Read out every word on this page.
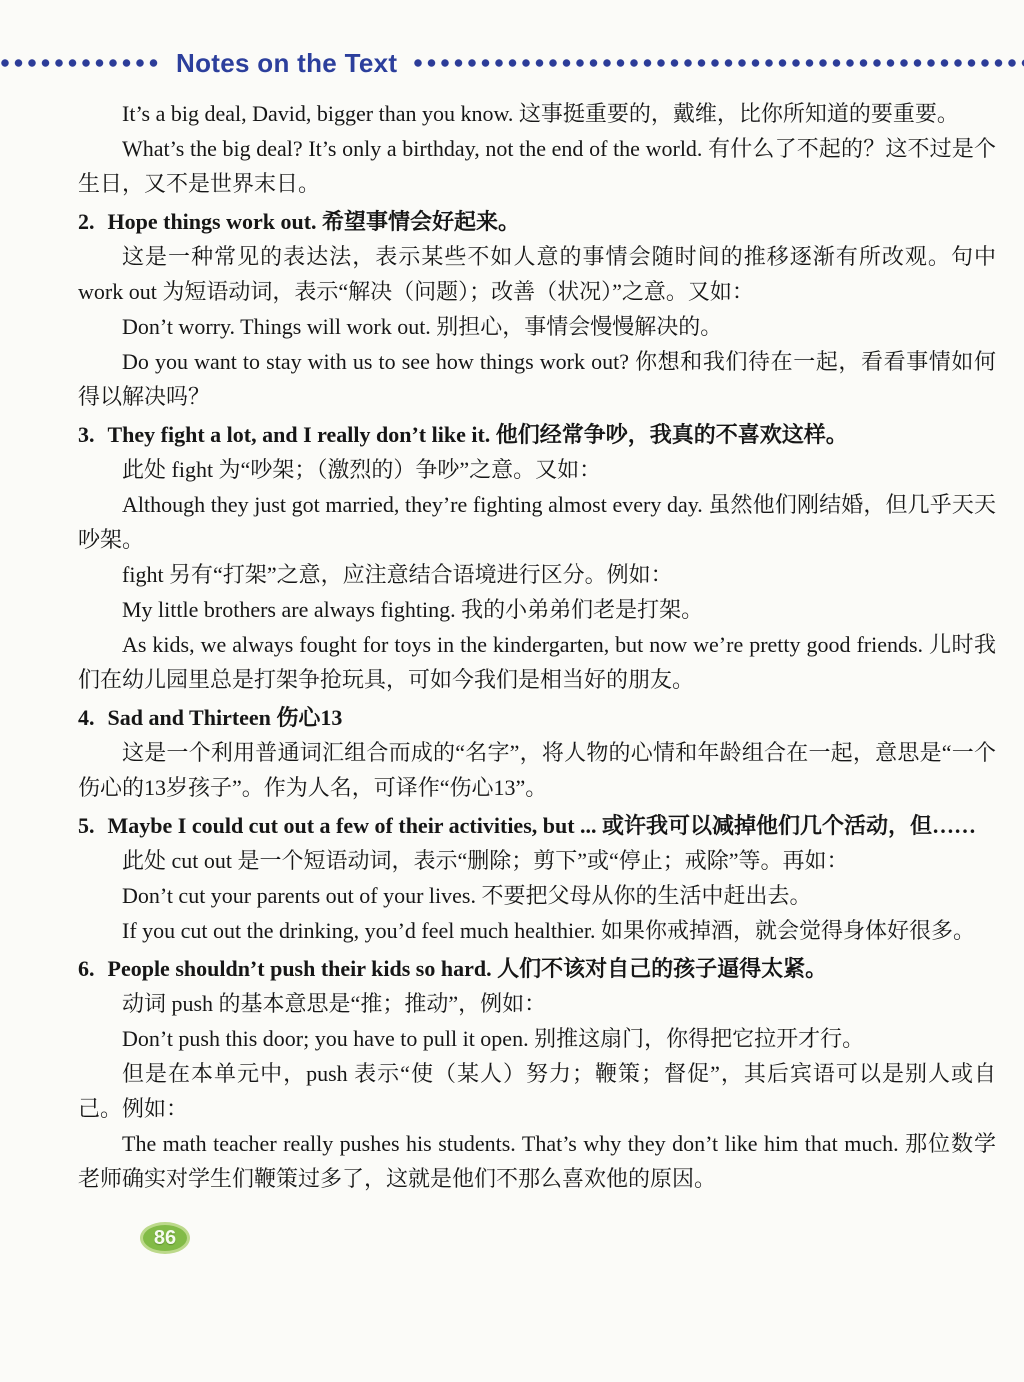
Notes on the Text

It’s a big deal, David, bigger than you know. 这事挺重要的，戴维，比你所知道的要重要。

What’s the big deal? It’s only a birthday, not the end of the world. 有什么了不起的？这不过是个生日，又不是世界末日。

2. Hope things work out. 希望事情会好起来。

这是一种常见的表达法，表示某些不如人意的事情会随时间的推移逐渐有所改观。句中 work out 为短语动词，表示“解决（问题）；改善（状况）”之意。又如：

Don’t worry. Things will work out. 别担心，事情会慢慢解决的。

Do you want to stay with us to see how things work out? 你想和我们待在一起，看看事情如何得以解决吗？

3. They fight a lot, and I really don’t like it. 他们经常争吵，我真的不喜欢这样。

此处 fight 为“吵架；（激烈的）争吵”之意。又如：

Although they just got married, they’re fighting almost every day. 虽然他们刚结婚，但几乎天天吵架。

fight 另有“打架”之意，应注意结合语境进行区分。例如：

My little brothers are always fighting. 我的小弟弟们老是打架。

As kids, we always fought for toys in the kindergarten, but now we’re pretty good friends. 儿时我们在幼儿园里总是打架争抢玩具，可如今我们是相当好的朋友。

4. Sad and Thirteen 伤心13

这是一个利用普通词汇组合而成的“名字”，将人物的心情和年龄组合在一起，意思是“一个伤心的13岁孩子”。作为人名，可译作“伤心13”。

5. Maybe I could cut out a few of their activities, but ... 或许我可以减掉他们几个活动，但……

此处 cut out 是一个短语动词，表示“删除；剪下”或“停止；戒除”等。再如：

Don’t cut your parents out of your lives. 不要把父母从你的生活中赶出去。

If you cut out the drinking, you’d feel much healthier. 如果你戒掉酒，就会觉得身体好很多。

6. People shouldn’t push their kids so hard. 人们不该对自己的孩子逼得太紧。

动词 push 的基本意思是“推；推动”，例如：

Don’t push this door; you have to pull it open. 别推这扇门，你得把它拉开才行。

但是在本单元中，push 表示“使（某人）努力；鞭策；督促”，其后宾语可以是别人或自己。例如：

The math teacher really pushes his students. That’s why they don’t like him that much. 那位数学老师确实对学生们鞭策过多了，这就是他们不那么喜欢他的原因。

86
